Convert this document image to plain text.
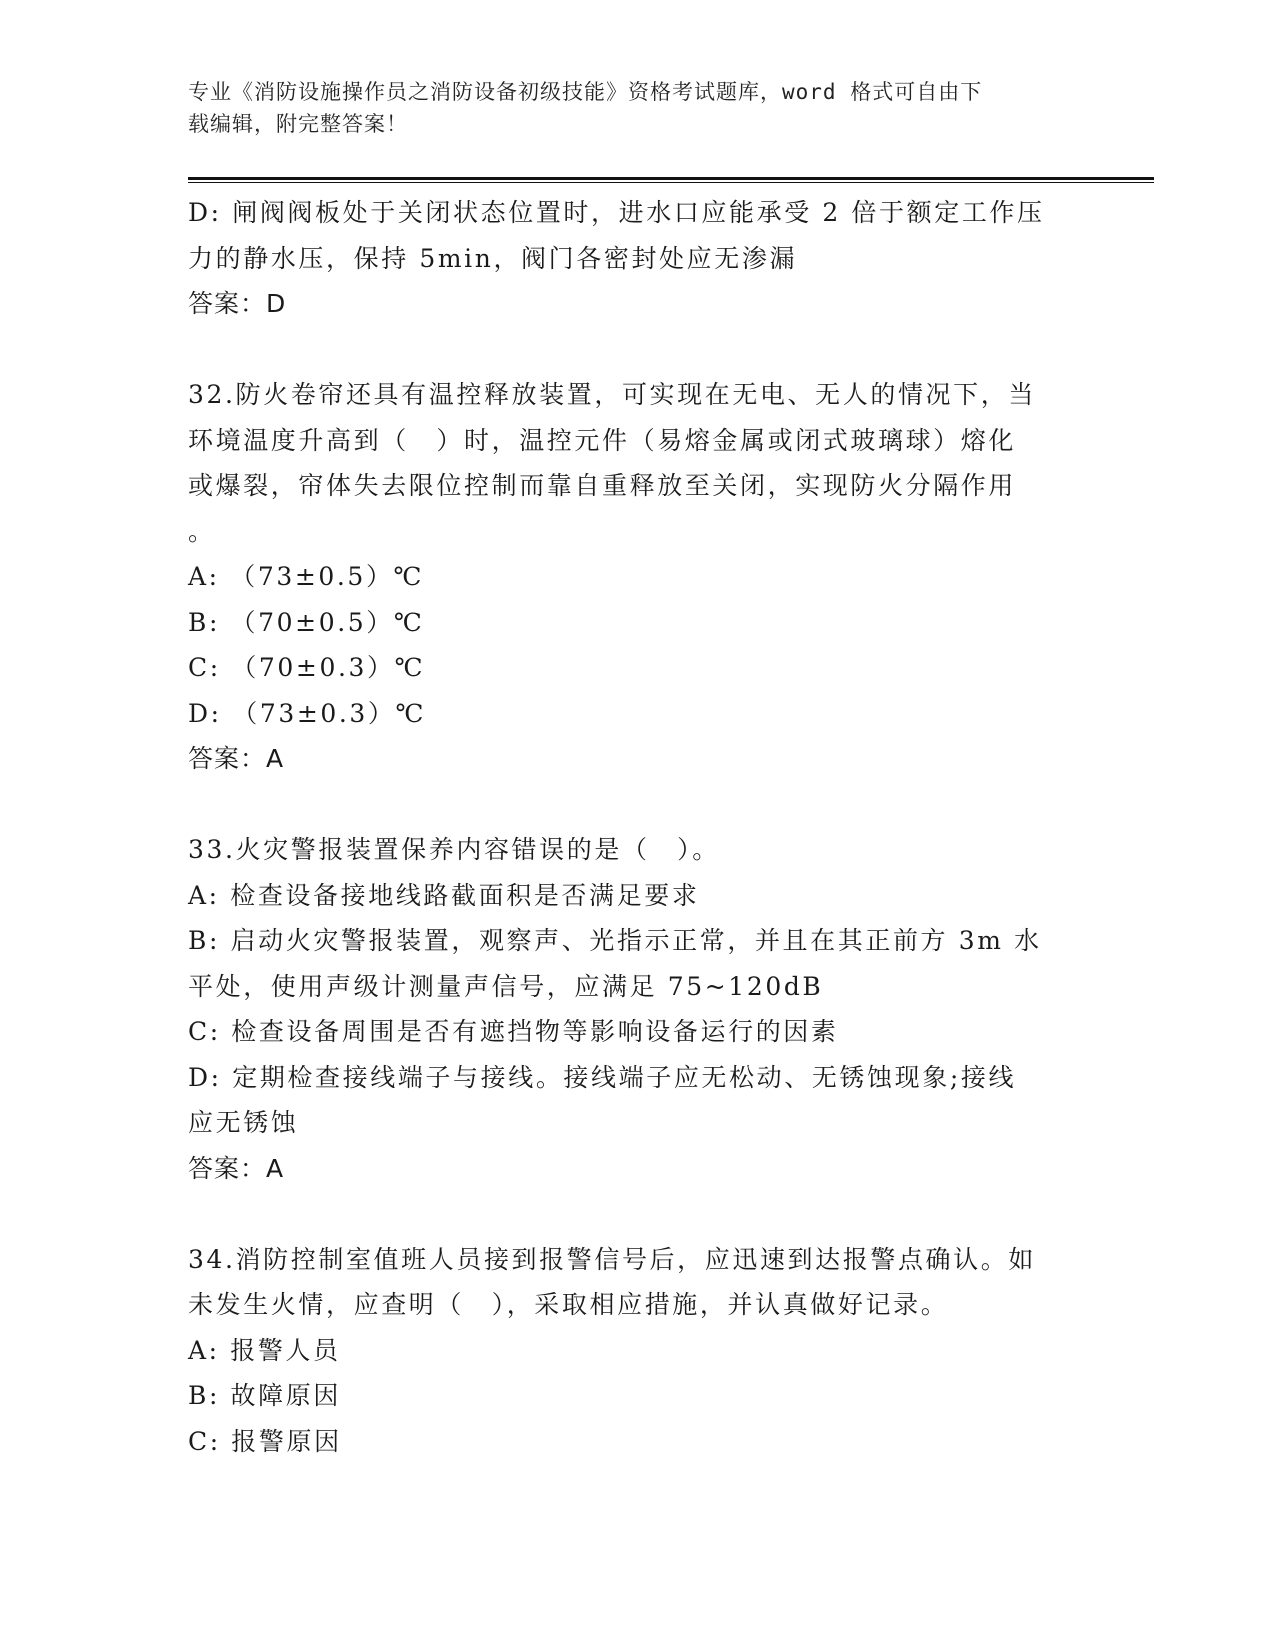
专业《消防设施操作员之消防设备初级技能》资格考试题库，word 格式可自由下
载编辑，附完整答案！
D: 闸阀阀板处于关闭状态位置时，进水口应能承受 2 倍于额定工作压
力的静水压，保持 5min，阀门各密封处应无渗漏
答案：D
32.防火卷帘还具有温控释放装置，可实现在无电、无人的情况下，当
环境温度升高到（　）时，温控元件（易熔金属或闭式玻璃球）熔化
或爆裂，帘体失去限位控制而靠自重释放至关闭，实现防火分隔作用
。
A: （73±0.5）℃
B: （70±0.5）℃
C: （70±0.3）℃
D: （73±0.3）℃
答案：A
33.火灾警报装置保养内容错误的是（　）。
A: 检查设备接地线路截面积是否满足要求
B: 启动火灾警报装置，观察声、光指示正常，并且在其正前方 3m 水
平处，使用声级计测量声信号，应满足 75~120dB
C: 检查设备周围是否有遮挡物等影响设备运行的因素
D: 定期检查接线端子与接线。接线端子应无松动、无锈蚀现象;接线
应无锈蚀
答案：A
34.消防控制室值班人员接到报警信号后，应迅速到达报警点确认。如
未发生火情，应查明（　），采取相应措施，并认真做好记录。
A: 报警人员
B: 故障原因
C: 报警原因
